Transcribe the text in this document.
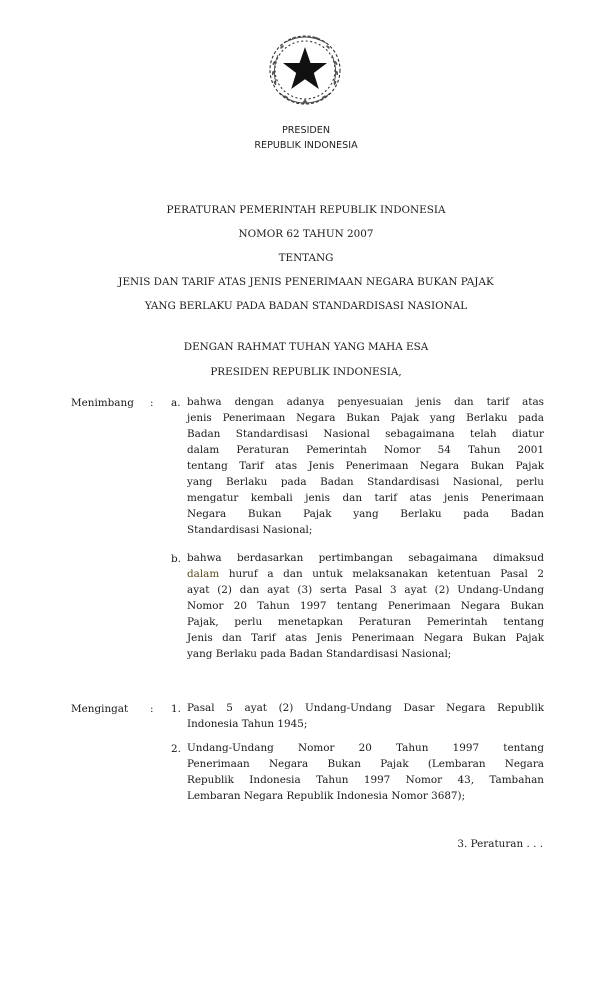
PRESIDEN
REPUBLIK INDONESIA
PERATURAN PEMERINTAH REPUBLIK INDONESIA
NOMOR 62 TAHUN 2007
TENTANG
JENIS DAN TARIF ATAS JENIS PENERIMAAN NEGARA BUKAN PAJAK
YANG BERLAKU PADA BADAN STANDARDISASI NASIONAL
DENGAN RAHMAT TUHAN YANG MAHA ESA
PRESIDEN REPUBLIK INDONESIA,
Menimbang : a. bahwa dengan adanya penyesuaian jenis dan tarif atas
jenis Penerimaan Negara Bukan Pajak yang Berlaku pada
Badan Standardisasi Nasional sebagaimana telah diatur
dalam Peraturan Pemerintah Nomor 54 Tahun 2001
tentang Tarif atas Jenis Penerimaan Negara Bukan Pajak
yang Berlaku pada Badan Standardisasi Nasional, perlu
mengatur kembali jenis dan tarif atas jenis Penerimaan
Negara Bukan Pajak yang Berlaku pada Badan
Standardisasi Nasional;
b. bahwa berdasarkan pertimbangan sebagaimana dimaksud
dalam huruf a dan untuk melaksanakan ketentuan Pasal 2
ayat (2) dan ayat (3) serta Pasal 3 ayat (2) Undang-Undang
Nomor 20 Tahun 1997 tentang Penerimaan Negara Bukan
Pajak, perlu menetapkan Peraturan Pemerintah tentang
Jenis dan Tarif atas Jenis Penerimaan Negara Bukan Pajak
yang Berlaku pada Badan Standardisasi Nasional;
Mengingat : 1. Pasal 5 ayat (2) Undang-Undang Dasar Negara Republik
Indonesia Tahun 1945;
2. Undang-Undang Nomor 20 Tahun 1997 tentang
Penerimaan Negara Bukan Pajak (Lembaran Negara
Republik Indonesia Tahun 1997 Nomor 43, Tambahan
Lembaran Negara Republik Indonesia Nomor 3687);
3. Peraturan . . .
